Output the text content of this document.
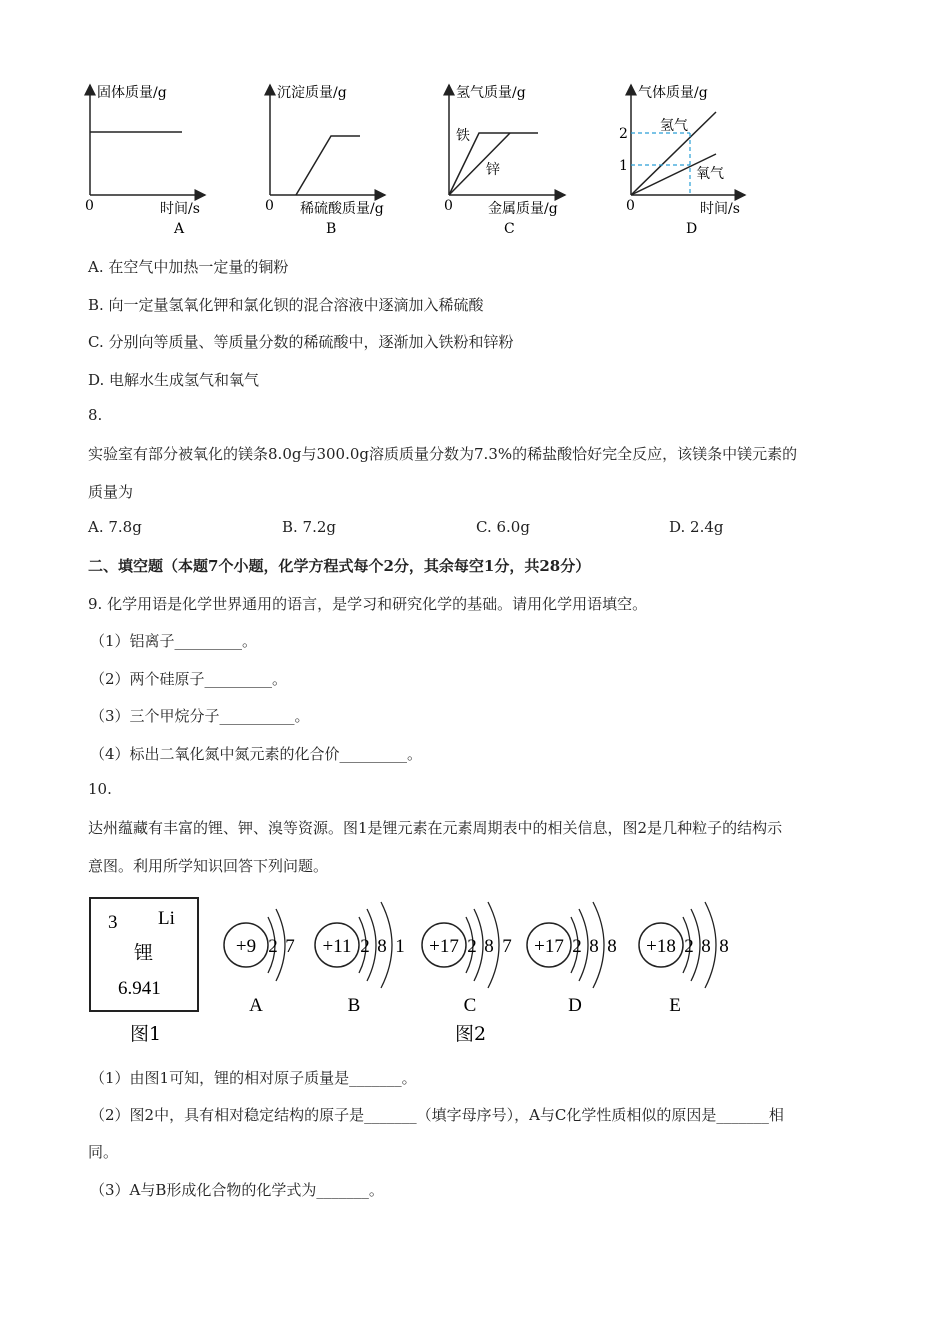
固体质量/g
0	时间/s
A
沉淀质量/g
0 稀硫酸质量/g
B
氢气质量/g
0	金属质量/g
C
铁
锌
气体质量/g
0	时间/s
D
2
1
氢气
氧气
A. 在空气中加热一定量的铜粉
B. 向一定量氢氧化钾和氯化钡的混合溶液中逐滴加入稀硫酸
C. 分别向等质量、等质量分数的稀硫酸中，逐渐加入铁粉和锌粉
D. 电解水生成氢气和氧气
8.
实验室有部分被氧化的镁条8.0g与300.0g溶质质量分数为7.3%的稀盐酸恰好完全反应，该镁条中镁元素的
质量为
A. 7.8g	B. 7.2g	C. 6.0g	D. 2.4g
二、填空题（本题7个小题，化学方程式每个2分，其余每空1分，共28分）
9. 化学用语是化学世界通用的语言，是学习和研究化学的基础。请用化学用语填空。
（1）铝离子_________。
（2）两个硅原子_________。
（3）三个甲烷分子__________。
（4）标出二氧化氮中氮元素的化合价_________。
10.
达州蕴藏有丰富的锂、钾、溴等资源。图1是锂元素在元素周期表中的相关信息，图2是几种粒子的结构示
意图。利用所学知识回答下列问题。
3 Li
锂
6.941
图1
+9 2 7
A
+11 2 8 1
B
+17 2 8 7
C
+17 2 8 8
D
+18 2 8 8
E
图2
（1）由图1可知，锂的相对原子质量是_______。
（2）图2中，具有相对稳定结构的原子是_______（填字母序号），A与C化学性质相似的原因是_______相
同。
（3）A与B形成化合物的化学式为_______。
